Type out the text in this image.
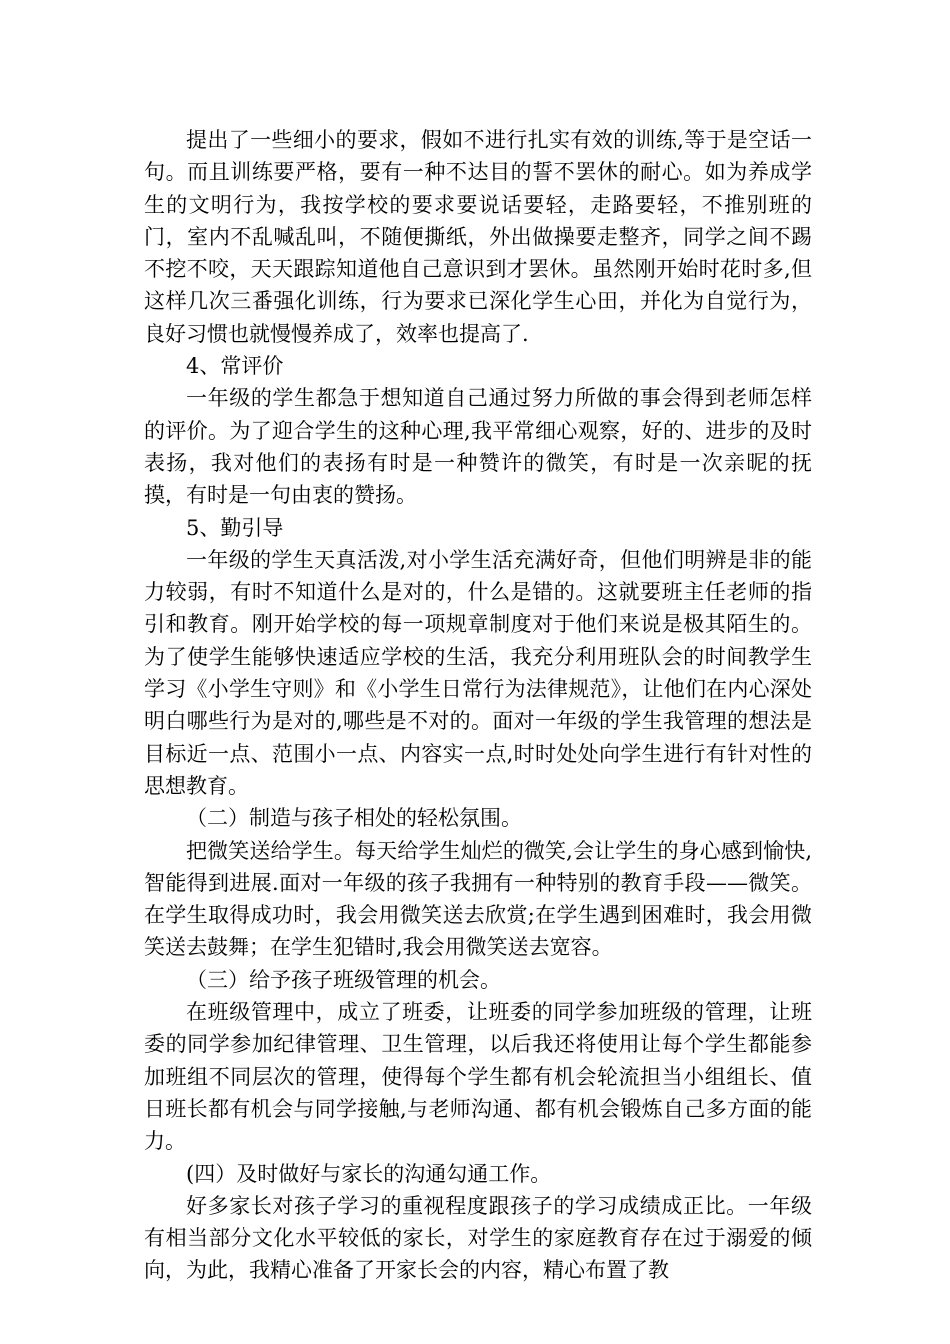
提出了一些细小的要求，假如不进行扎实有效的训练,等于是空话一句。而且训练要严格，要有一种不达目的誓不罢休的耐心。如为养成学生的文明行为，我按学校的要求要说话要轻，走路要轻，不推别班的门，室内不乱喊乱叫，不随便撕纸，外出做操要走整齐，同学之间不踢不挖不咬，天天跟踪知道他自己意识到才罢休。虽然刚开始时花时多,但这样几次三番强化训练，行为要求已深化学生心田，并化为自觉行为，良好习惯也就慢慢养成了，效率也提高了.

4、常评价

一年级的学生都急于想知道自己通过努力所做的事会得到老师怎样的评价。为了迎合学生的这种心理,我平常细心观察，好的、进步的及时表扬，我对他们的表扬有时是一种赞许的微笑，有时是一次亲昵的抚摸，有时是一句由衷的赞扬。

5、勤引导

一年级的学生天真活泼,对小学生活充满好奇，但他们明辨是非的能力较弱，有时不知道什么是对的，什么是错的。这就要班主任老师的指引和教育。刚开始学校的每一项规章制度对于他们来说是极其陌生的。为了使学生能够快速适应学校的生活，我充分利用班队会的时间教学生学习《小学生守则》和《小学生日常行为法律规范》，让他们在内心深处明白哪些行为是对的,哪些是不对的。面对一年级的学生我管理的想法是目标近一点、范围小一点、内容实一点,时时处处向学生进行有针对性的思想教育。

（二）制造与孩子相处的轻松氛围。

把微笑送给学生。每天给学生灿烂的微笑,会让学生的身心感到愉快,智能得到进展.面对一年级的孩子我拥有一种特别的教育手段——微笑。在学生取得成功时，我会用微笑送去欣赏;在学生遇到困难时，我会用微笑送去鼓舞；在学生犯错时,我会用微笑送去宽容。

（三）给予孩子班级管理的机会。

在班级管理中，成立了班委，让班委的同学参加班级的管理，让班委的同学参加纪律管理、卫生管理，以后我还将使用让每个学生都能参加班组不同层次的管理，使得每个学生都有机会轮流担当小组组长、值日班长都有机会与同学接触,与老师沟通、都有机会锻炼自己多方面的能力。

(四）及时做好与家长的沟通勾通工作。

好多家长对孩子学习的重视程度跟孩子的学习成绩成正比。一年级有相当部分文化水平较低的家长，对学生的家庭教育存在过于溺爱的倾向，为此，我精心准备了开家长会的内容，精心布置了教
